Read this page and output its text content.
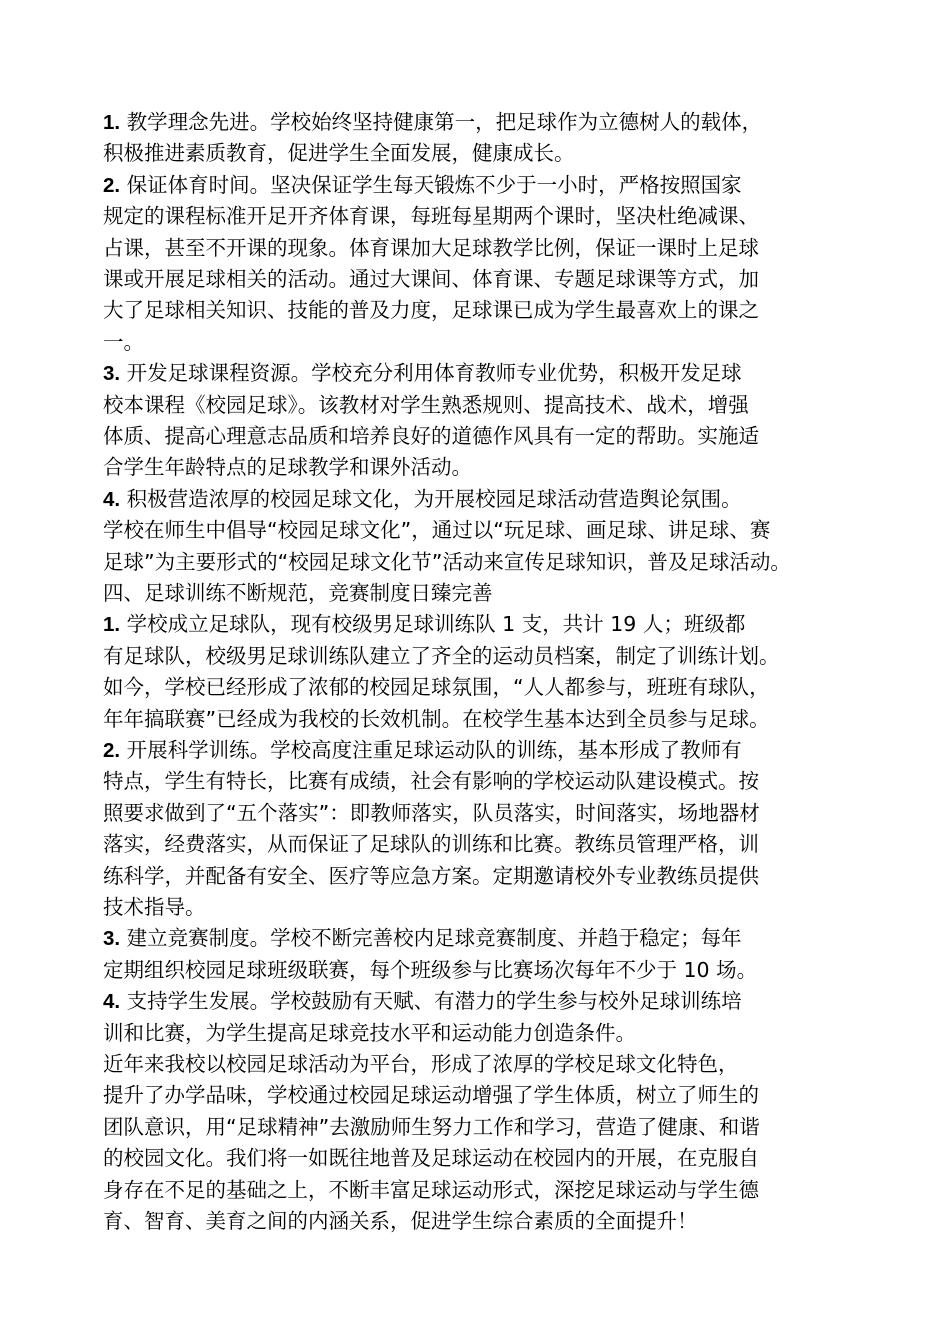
1. 教学理念先进。学校始终坚持健康第一，把足球作为立德树人的载体，
积极推进素质教育，促进学生全面发展，健康成长。
2. 保证体育时间。坚决保证学生每天锻炼不少于一小时，严格按照国家
规定的课程标准开足开齐体育课，每班每星期两个课时，坚决杜绝减课、
占课，甚至不开课的现象。体育课加大足球教学比例，保证一课时上足球
课或开展足球相关的活动。通过大课间、体育课、专题足球课等方式，加
大了足球相关知识、技能的普及力度，足球课已成为学生最喜欢上的课之
一。
3. 开发足球课程资源。学校充分利用体育教师专业优势，积极开发足球
校本课程《校园足球》。该教材对学生熟悉规则、提高技术、战术，增强
体质、提高心理意志品质和培养良好的道德作风具有一定的帮助。实施适
合学生年龄特点的足球教学和课外活动。
4. 积极营造浓厚的校园足球文化，为开展校园足球活动营造舆论氛围。
学校在师生中倡导“校园足球文化”，通过以“玩足球、画足球、讲足球、赛
足球”为主要形式的“校园足球文化节”活动来宣传足球知识，普及足球活动。
四、足球训练不断规范，竞赛制度日臻完善
1. 学校成立足球队，现有校级男足球训练队 1 支，共计 19 人；班级都
有足球队，校级男足球训练队建立了齐全的运动员档案，制定了训练计划。
如今，学校已经形成了浓郁的校园足球氛围，“人人都参与，班班有球队，
年年搞联赛”已经成为我校的长效机制。在校学生基本达到全员参与足球。
2. 开展科学训练。学校高度注重足球运动队的训练，基本形成了教师有
特点，学生有特长，比赛有成绩，社会有影响的学校运动队建设模式。按
照要求做到了“五个落实”：即教师落实，队员落实，时间落实，场地器材
落实，经费落实，从而保证了足球队的训练和比赛。教练员管理严格，训
练科学，并配备有安全、医疗等应急方案。定期邀请校外专业教练员提供
技术指导。
3. 建立竞赛制度。学校不断完善校内足球竞赛制度、并趋于稳定；每年
定期组织校园足球班级联赛，每个班级参与比赛场次每年不少于 10 场。
4. 支持学生发展。学校鼓励有天赋、有潜力的学生参与校外足球训练培
训和比赛，为学生提高足球竞技水平和运动能力创造条件。
近年来我校以校园足球活动为平台，形成了浓厚的学校足球文化特色，
提升了办学品味，学校通过校园足球运动增强了学生体质，树立了师生的
团队意识，用“足球精神”去激励师生努力工作和学习，营造了健康、和谐
的校园文化。我们将一如既往地普及足球运动在校园内的开展，在克服自
身存在不足的基础之上，不断丰富足球运动形式，深挖足球运动与学生德
育、智育、美育之间的内涵关系，促进学生综合素质的全面提升！
